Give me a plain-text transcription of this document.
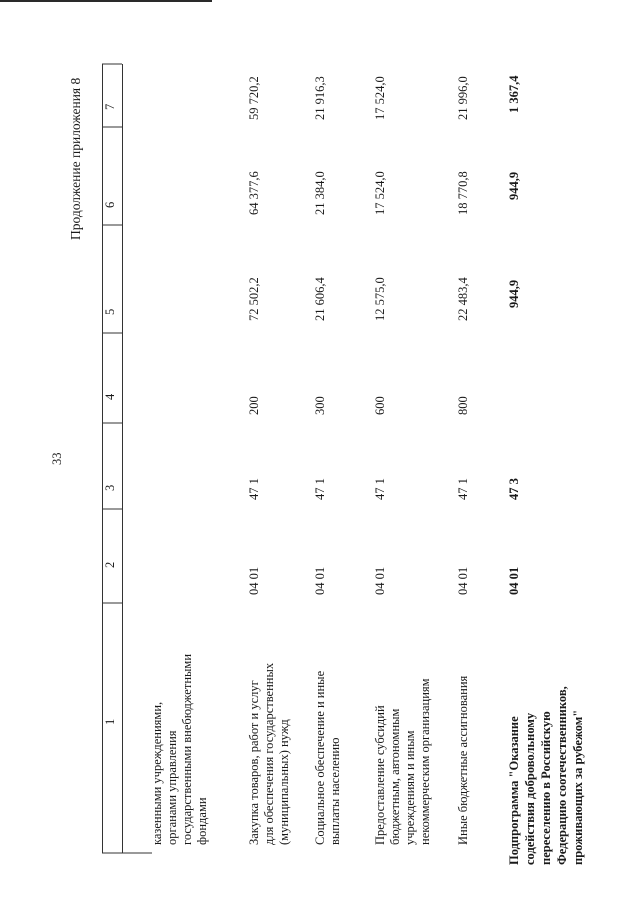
33
Продолжение приложения 8
1
2
3
4
5
6
7
казенными учреждениями, органами управления государственными внебюджетными фондами	Закупка товаров, работ и услуг для обеспечения государственных (муниципальных) нужд
04 01
47 1
200
72 502,2
64 377,6
59 720,2
Социальное обеспечение и иные выплаты населению
04 01
47 1
300
21 606,4
21 384,0
21 916,3
Предоставление субсидий бюджетным, автономным учреждениям и иным некоммерческим организациям
04 01
47 1
600
12 575,0
17 524,0
17 524,0
Иные бюджетные ассигнования
04 01
47 1
800
22 483,4
18 770,8
21 996,0
Подпрограмма "Оказание содействия добровольному переселению в Российскую Федерацию соотечественников, проживающих за рубежом"
04 01
47 3
944,9
944,9
1 367,4
